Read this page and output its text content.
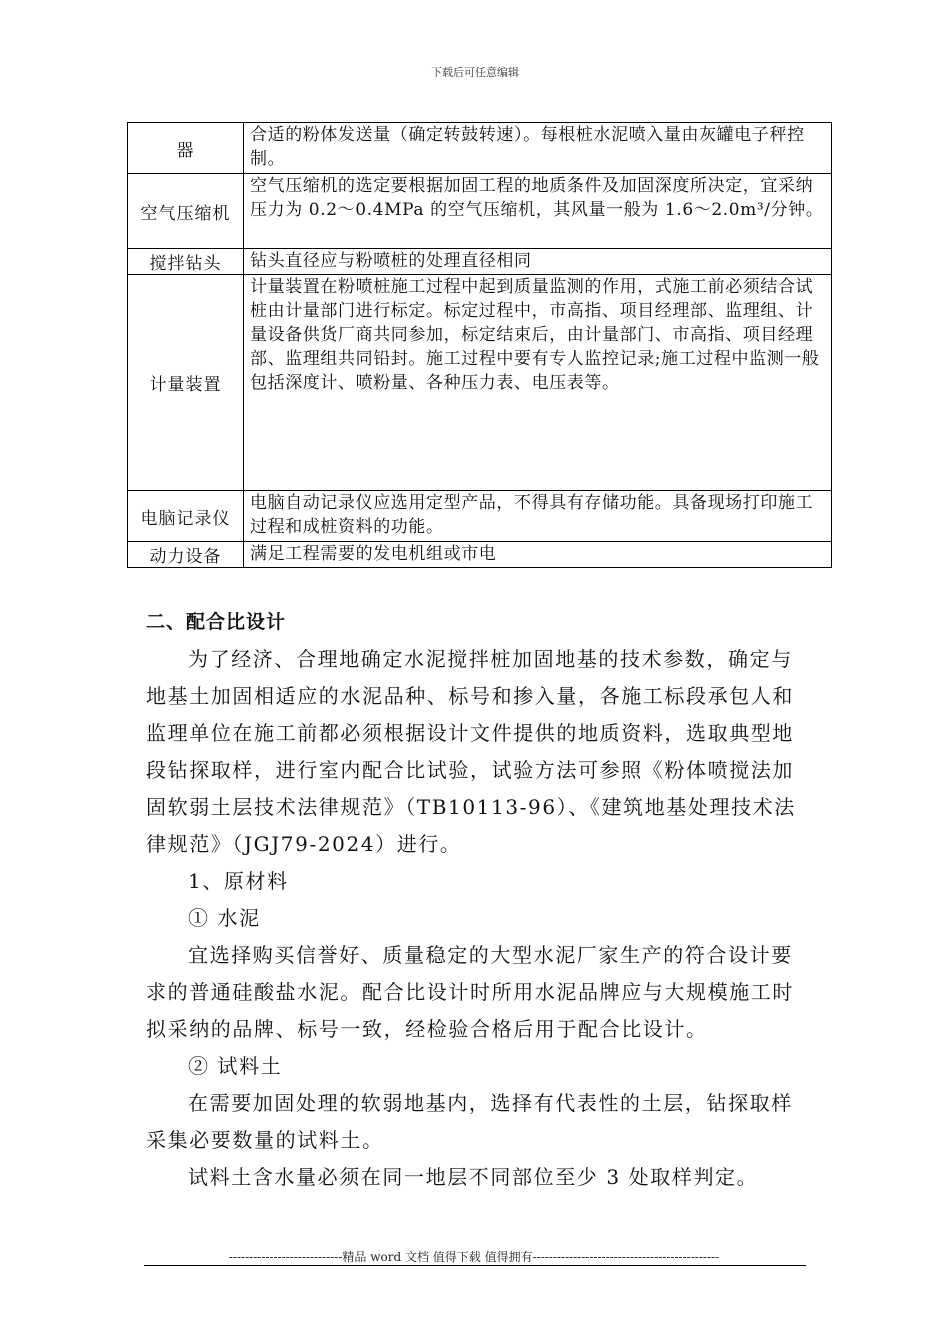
下载后可任意编辑
器	合适的粉体发送量（确定转鼓转速）。每根桩水泥喷入量由灰罐电子秤控制。
空气压缩机	空气压缩机的选定要根据加固工程的地质条件及加固深度所决定，宜采纳压力为 0.2～0.4MPa 的空气压缩机，其风量一般为 1.6～2.0m³/分钟。
搅拌钻头	钻头直径应与粉喷桩的处理直径相同
计量装置	计量装置在粉喷桩施工过程中起到质量监测的作用，式施工前必须结合试桩由计量部门进行标定。标定过程中，市高指、项目经理部、监理组、计量设备供货厂商共同参加，标定结束后，由计量部门、市高指、项目经理部、监理组共同铅封。施工过程中要有专人监控记录;施工过程中监测一般包括深度计、喷粉量、各种压力表、电压表等。
电脑记录仪	电脑自动记录仪应选用定型产品，不得具有存储功能。具备现场打印施工过程和成桩资料的功能。
动力设备	满足工程需要的发电机组或市电
二、配合比设计

为了经济、合理地确定水泥搅拌桩加固地基的技术参数，确定与地基土加固相适应的水泥品种、标号和掺入量，各施工标段承包人和监理单位在施工前都必须根据设计文件提供的地质资料，选取典型地段钻探取样，进行室内配合比试验，试验方法可参照《粉体喷搅法加固软弱土层技术法律规范》（TB10113-96）、《建筑地基处理技术法律规范》（JGJ79-2024）进行。

1、原材料

① 水泥

宜选择购买信誉好、质量稳定的大型水泥厂家生产的符合设计要求的普通硅酸盐水泥。配合比设计时所用水泥品牌应与大规模施工时拟采纳的品牌、标号一致，经检验合格后用于配合比设计。

② 试料土

在需要加固处理的软弱地基内，选择有代表性的土层，钻探取样采集必要数量的试料土。

试料土含水量必须在同一地层不同部位至少 3 处取样判定。

----------------------------精品 word 文档 值得下载 值得拥有----------------------------------------------
